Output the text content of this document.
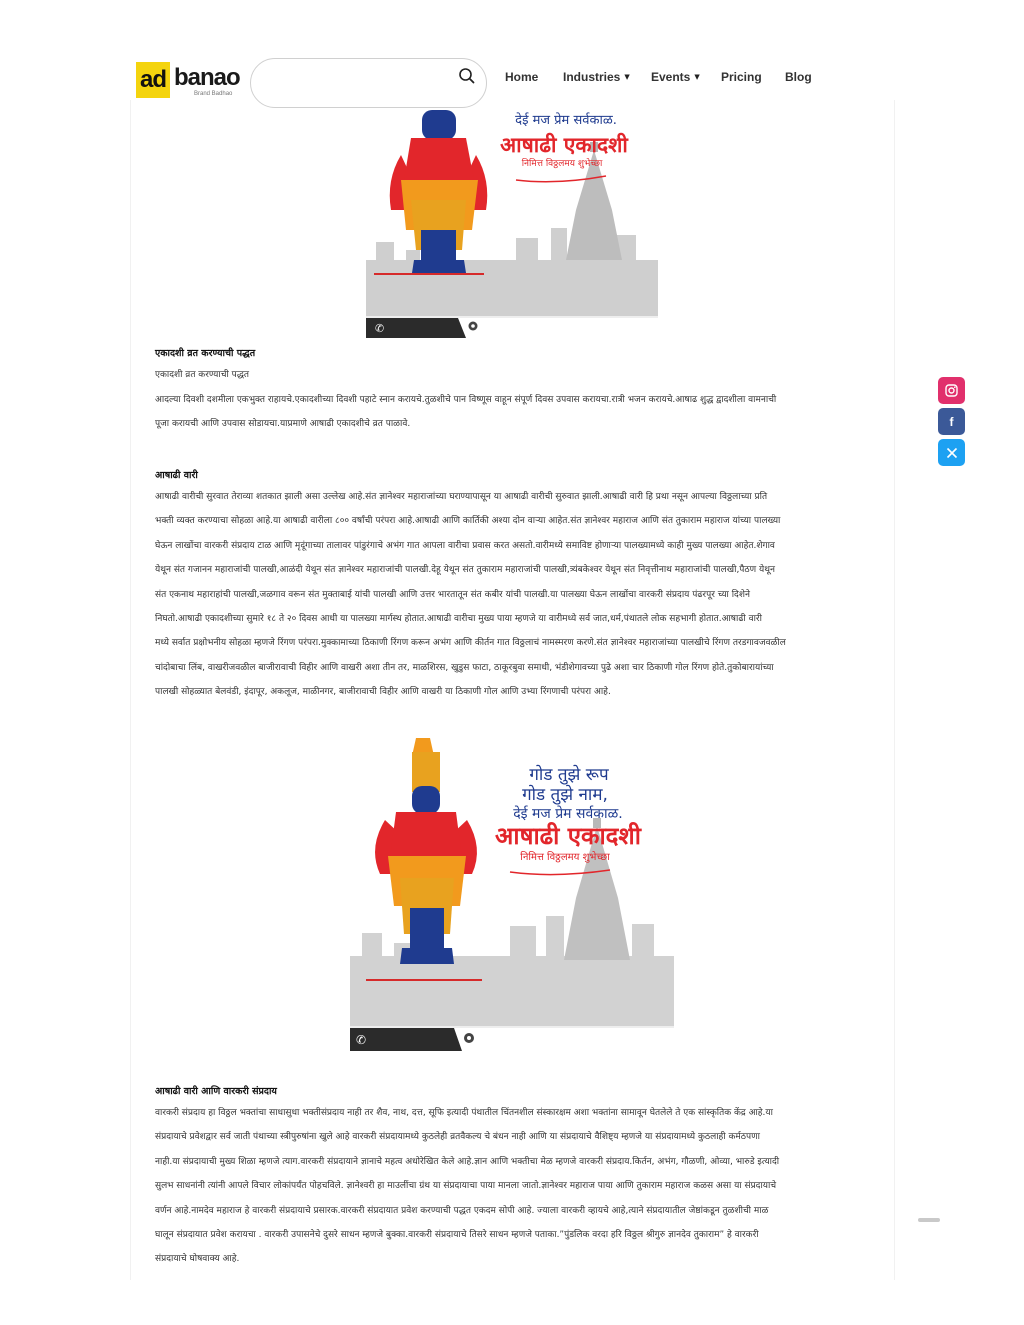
ad banao
Brand Badhao
Home Industries ▼ Events ▼ Pricing Blog
देई मज प्रेम सर्वकाळ.
आषाढी एकादशी
निमित्त विठ्ठलमय शुभेच्छा
✆
एकादशी व्रत करण्याची पद्धत
एकादशी व्रत करण्याची पद्धत
आदल्या दिवशी दशमीला एकभुक्त राहायचे.एकादशीच्या दिवशी पहाटे स्नान करायचे.तुळशीचे पान विष्णूस वाहून संपूर्ण दिवस उपवास करायचा.रात्री भजन करायचे.आषाढ शुद्ध द्वादशीला वामनाची
पूजा करायची आणि उपवास सोडायचा.याप्रमाणे आषाढी एकादशीचे व्रत पाळावे.
आषाढी वारी
आषाढी वारीची सुरवात तेराव्या शतकात झाली असा उल्लेख आहे.संत ज्ञानेश्वर महाराजांच्या घराण्यापासून या आषाढी वारीची सुरुवात झाली.आषाढी वारी हि प्रथा नसून आपल्या विठ्ठलाच्या प्रति
भक्ती व्यक्त करण्याचा सोहळा आहे.या आषाढी वारीला ८०० वर्षांची परंपरा आहे.आषाढी आणि कार्तिकी अश्या दोन वाऱ्या आहेत.संत ज्ञानेश्वर महाराज आणि संत तुकाराम महाराज यांच्या पालख्या
घेऊन लाखोंचा वारकरी संप्रदाय टाळ आणि मृदूंगाच्या तालावर पांडुरंगाचे अभंग गात आपला वारीचा प्रवास करत असतो.वारीमध्ये समाविष्ट होणाऱ्या पालख्यामध्ये काही मुख्य पालख्या आहेत.शेगाव
येथून संत गजानन महाराजांची पालखी,आळंदी येथून संत ज्ञानेश्वर महाराजांची पालखी.देहू येथून संत तुकाराम महाराजांची पालखी,त्र्यंबकेश्वर येथून संत निवृत्तीनाथ महाराजांची पालखी,पैठण येथून
संत एकनाथ महाराहांची पालखी,जळगाव वरून संत मुक्ताबाई यांची पालखी आणि उत्तर भारतातून संत कबीर यांची पालखी.या पालख्या घेऊन लाखोंचा वारकरी संप्रदाय पंढरपूर च्या दिशेने
निघतो.आषाढी एकादशीच्या सुमारे १८ ते २० दिवस आधी या पालख्या मार्गस्थ होतात.आषाढी वारीचा मुख्य पाया म्हणजे या वारीमध्ये सर्व जात,धर्म,पंथातले लोक सहभागी होतात.आषाढी वारी
मध्ये सर्वात प्रक्षोभनीय सोहळा म्हणजे रिंगण परंपरा.मुक्कामाच्या ठिकाणी रिंगण करून अभंग आणि कीर्तन गात विठ्ठलाचं नामस्मरण करणे.संत ज्ञानेश्वर महाराजांच्या पालखीचे रिंगण तरडगावजवळील
चांदोबाचा लिंब, वाखरीजवळील बाजीरावाची विहीर आणि वाखरी अशा तीन तर, माळशिरस, खुडुस फाटा, ठाकूरबुवा समाधी, भंडीशेगावच्या पुढे अशा चार ठिकाणी गोल रिंगण होते.तुकोबारायांच्या
पालखी सोहळ्यात बेलवंडी, इंदापूर, अकलूज, माळीनगर, बाजीरावाची विहीर आणि वाखरी या ठिकाणी गोल आणि उभ्या रिंगणाची परंपरा आहे.
गोड तुझे रूप
गोड तुझे नाम,
देई मज प्रेम सर्वकाळ.
आषाढी एकादशी
निमित्त विठ्ठलमय शुभेच्छा
✆
आषाढी वारी आणि वारकरी संप्रदाय
वारकरी संप्रदाय हा विठ्ठल भक्तांचा साधासुधा भक्तीसंप्रदाय नाही तर शैव, नाथ, दत्त, सूफि इत्यादी पंथातील चिंतनशील संस्कारक्षम अशा भक्तांना सामावून घेतलेले ते एक सांस्कृतिक केंद्र आहे.या
संप्रदायाचे प्रवेशद्वार सर्व जाती पंथाच्या स्त्रीपुरुषांना खुले आहे वारकरी संप्रदायामध्ये कुठलेही व्रतवैकल्य चे बंधन नाही आणि या संप्रदायाचे वैशिष्ट्य म्हणजे या संप्रदायामध्ये कुठलाही कर्मठपणा
नाही.या संप्रदायाची मुख्य शिळा म्हणजे त्याग.वारकरी संप्रदायाने ज्ञानाचे महत्व अधोरेखित केले आहे.ज्ञान आणि भक्तीचा मेळ म्हणजे वारकरी संप्रदाय.किर्तन, अभंग, गौळणी, ओव्या, भारुडे इत्यादी
सुलभ साधनांनी त्यांनी आपले विचार लोकांपर्यंत पोहचविले. ज्ञानेश्वरी हा माउलींचा ग्रंथ या संप्रदायाचा पाया मानला जातो.ज्ञानेश्वर महाराज पाया आणि तुकाराम महाराज कळस असा या संप्रदायाचे
वर्णन आहे.नामदेव महाराज हे वारकरी संप्रदायाचे प्रसारक.वारकरी संप्रदायात प्रवेश करण्याची पद्धत एकदम सोपी आहे. ज्याला वारकरी व्हायचे आहे,त्याने संप्रदायातील जेष्ठांकडून तुळशीची माळ
घालून संप्रदायात प्रवेश करायचा . वारकरी उपासनेचे दुसरे साधन म्हणजे बुक्का.वारकरी संप्रदायाचे तिसरे साधन म्हणजे पताका.”पुंडलिक वरदा हरि विठ्ठल श्रीगुरु ज्ञानदेव तुकाराम” हे वारकरी
संप्रदायाचे घोषवाक्य आहे.
f
